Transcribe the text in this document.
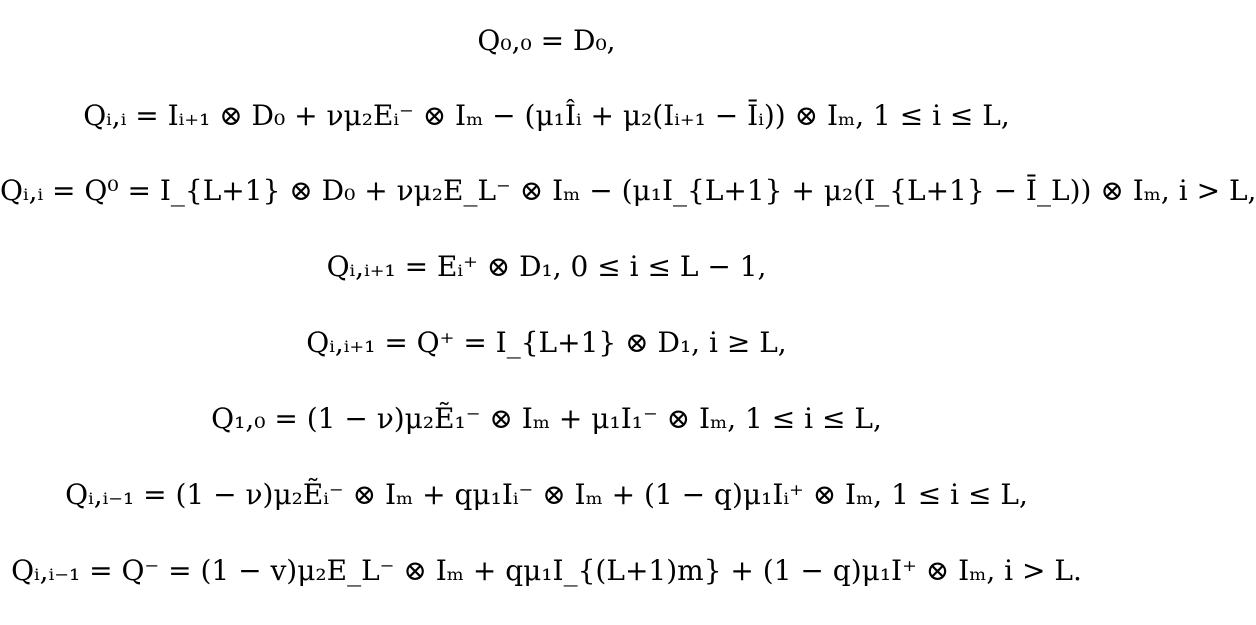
Q₀,₀ = D₀,
Qᵢ,ᵢ = Iᵢ₊₁ ⊗ D₀ + νμ₂Eᵢ⁻ ⊗ Iₘ − (μ₁Îᵢ + μ₂(Iᵢ₊₁ − Īᵢ)) ⊗ Iₘ, 1 ≤ i ≤ L,
Qᵢ,ᵢ = Q⁰ = I_{L+1} ⊗ D₀ + νμ₂E_L⁻ ⊗ Iₘ − (μ₁I_{L+1} + μ₂(I_{L+1} − Ī_L)) ⊗ Iₘ, i > L,
Qᵢ,ᵢ₊₁ = Eᵢ⁺ ⊗ D₁, 0 ≤ i ≤ L − 1,
Qᵢ,ᵢ₊₁ = Q⁺ = I_{L+1} ⊗ D₁, i ≥ L,
Q₁,₀ = (1 − ν)μ₂Ẽ₁⁻ ⊗ Iₘ + μ₁I₁⁻ ⊗ Iₘ, 1 ≤ i ≤ L,
Qᵢ,ᵢ₋₁ = (1 − ν)μ₂Ẽᵢ⁻ ⊗ Iₘ + qμ₁Iᵢ⁻ ⊗ Iₘ + (1 − q)μ₁Iᵢ⁺ ⊗ Iₘ, 1 ≤ i ≤ L,
Qᵢ,ᵢ₋₁ = Q⁻ = (1 − v)μ₂E_L⁻ ⊗ Iₘ + qμ₁I_{(L+1)m} + (1 − q)μ₁I⁺ ⊗ Iₘ, i > L.
